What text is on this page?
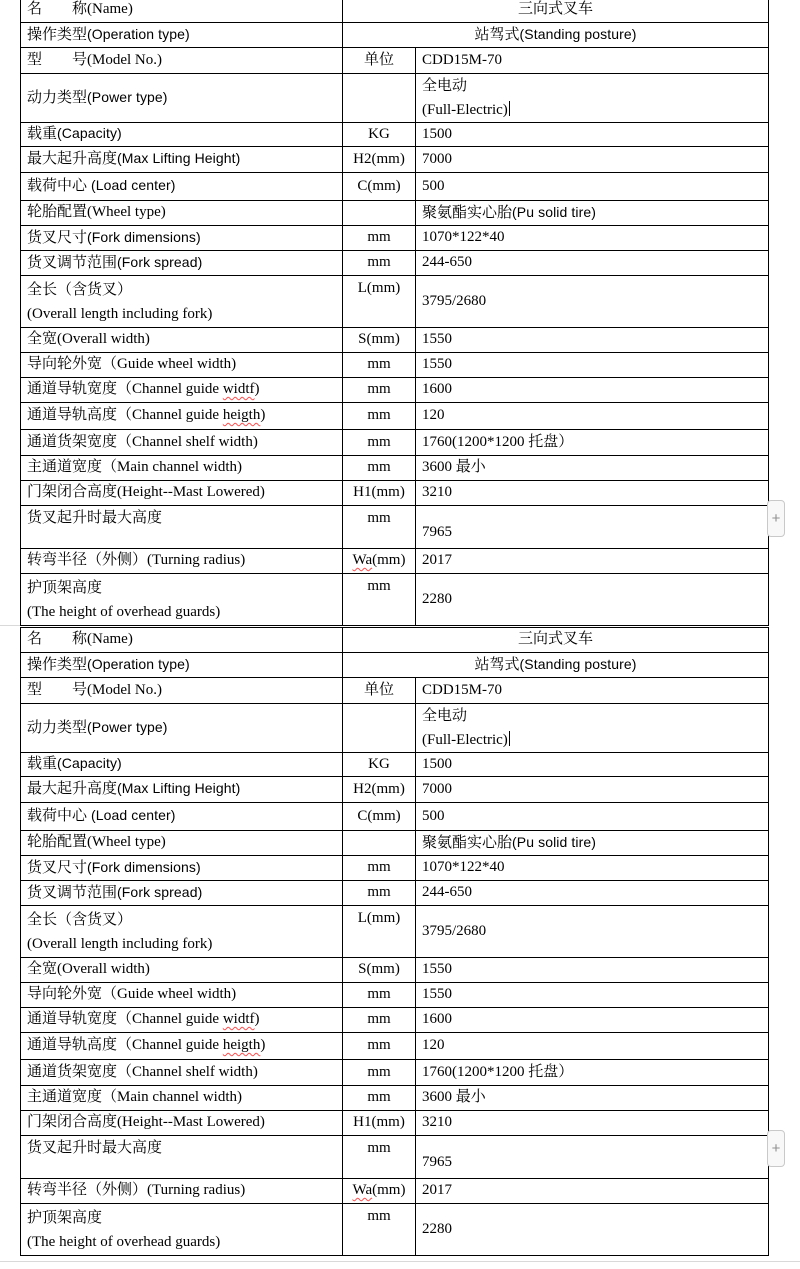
名　　称(Name)	三向式叉车	
操作类型(Operation type)	站驾式(Standing posture)	
型　　号(Model No.)	单位	CDD15M-70
动力类型(Power type)		全电动
(Full-Electric)

载重(Capacity)	KG	1500
最大起升高度(Max Lifting Height)	H2(mm)	7000
载荷中心 (Load center)	C(mm)	500
轮胎配置(Wheel type)		聚氨酯实心胎(Pu solid tire)
货叉尺寸(Fork dimensions)	mm	1070*122*40
货叉调节范围(Fork spread)	mm	244-650

全长（含货叉）
(Overall length including fork)	L(mm)	3795/2680
全宽(Overall width)	S(mm)	1550
导向轮外宽（Guide wheel width)	mm	1550
通道导轨宽度（Channel guide widtf)	mm	1600
通道导轨高度（Channel guide heigth)	mm	120
通道货架宽度（Channel shelf width)	mm	1760(1200*1200 托盘）
主通道宽度（Main channel width)	mm	3600 最小
门架闭合高度(Height--Mast Lowered)	H1(mm)	3210
货叉起升时最大高度	mm	7965
转弯半径（外侧）(Turning radius)	Wa(mm)	2017

护顶架高度
(The height of overhead guards)	mm	2280
+
名　　称(Name)	三向式叉车	
操作类型(Operation type)	站驾式(Standing posture)	
型　　号(Model No.)	单位	CDD15M-70
动力类型(Power type)		全电动
(Full-Electric)

载重(Capacity)	KG	1500
最大起升高度(Max Lifting Height)	H2(mm)	7000
载荷中心 (Load center)	C(mm)	500
轮胎配置(Wheel type)		聚氨酯实心胎(Pu solid tire)
货叉尺寸(Fork dimensions)	mm	1070*122*40
货叉调节范围(Fork spread)	mm	244-650

全长（含货叉）
(Overall length including fork)	L(mm)	3795/2680
全宽(Overall width)	S(mm)	1550
导向轮外宽（Guide wheel width)	mm	1550
通道导轨宽度（Channel guide widtf)	mm	1600
通道导轨高度（Channel guide heigth)	mm	120
通道货架宽度（Channel shelf width)	mm	1760(1200*1200 托盘）
主通道宽度（Main channel width)	mm	3600 最小
门架闭合高度(Height--Mast Lowered)	H1(mm)	3210
货叉起升时最大高度	mm	7965
转弯半径（外侧）(Turning radius)	Wa(mm)	2017

护顶架高度
(The height of overhead guards)	mm	2280
+
